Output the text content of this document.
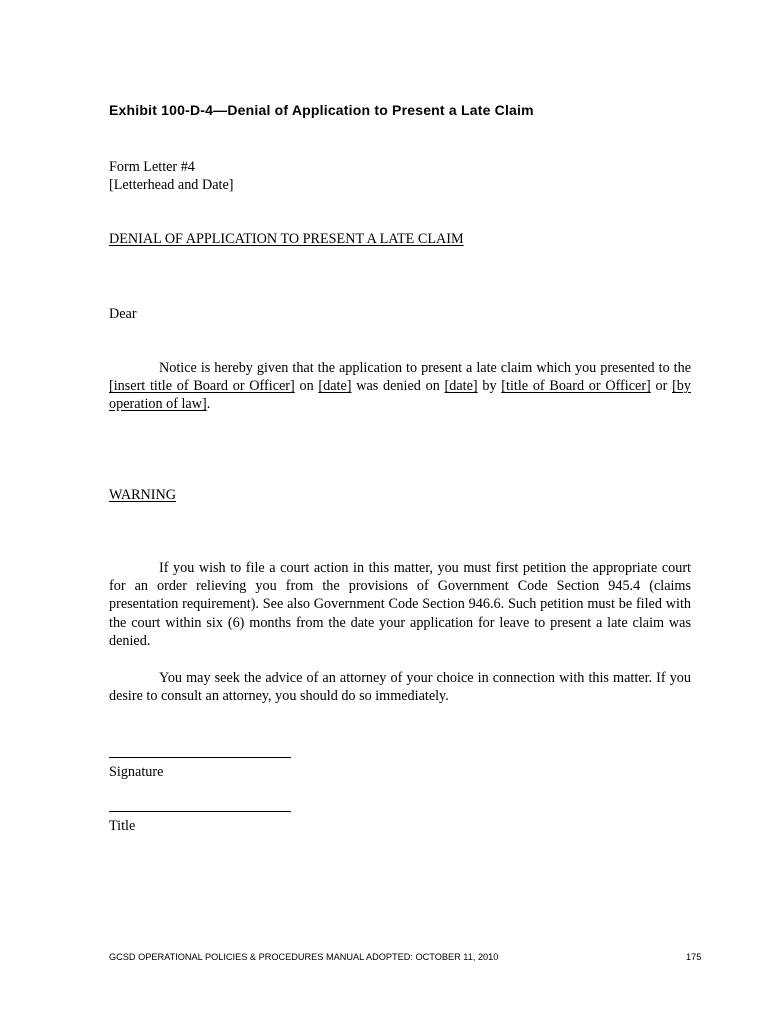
Exhibit 100-D-4—Denial of Application to Present a Late Claim

Form Letter #4

[Letterhead and Date]

DENIAL OF APPLICATION TO PRESENT A LATE CLAIM

Dear

Notice is hereby given that the application to present a late claim which you presented to the [insert title of Board or Officer] on [date] was denied on [date] by [title of Board or Officer] or [by operation of law].

WARNING

If you wish to file a court action in this matter, you must first petition the appropriate court for an order relieving you from the provisions of Government Code Section 945.4 (claims presentation requirement). See also Government Code Section 946.6. Such petition must be filed with the court within six (6) months from the date your application for leave to present a late claim was denied.

You may seek the advice of an attorney of your choice in connection with this matter. If you desire to consult an attorney, you should do so immediately.

Signature

Title

GCSD OPERATIONAL POLICIES & PROCEDURES MANUAL ADOPTED: OCTOBER 11, 2010	175
